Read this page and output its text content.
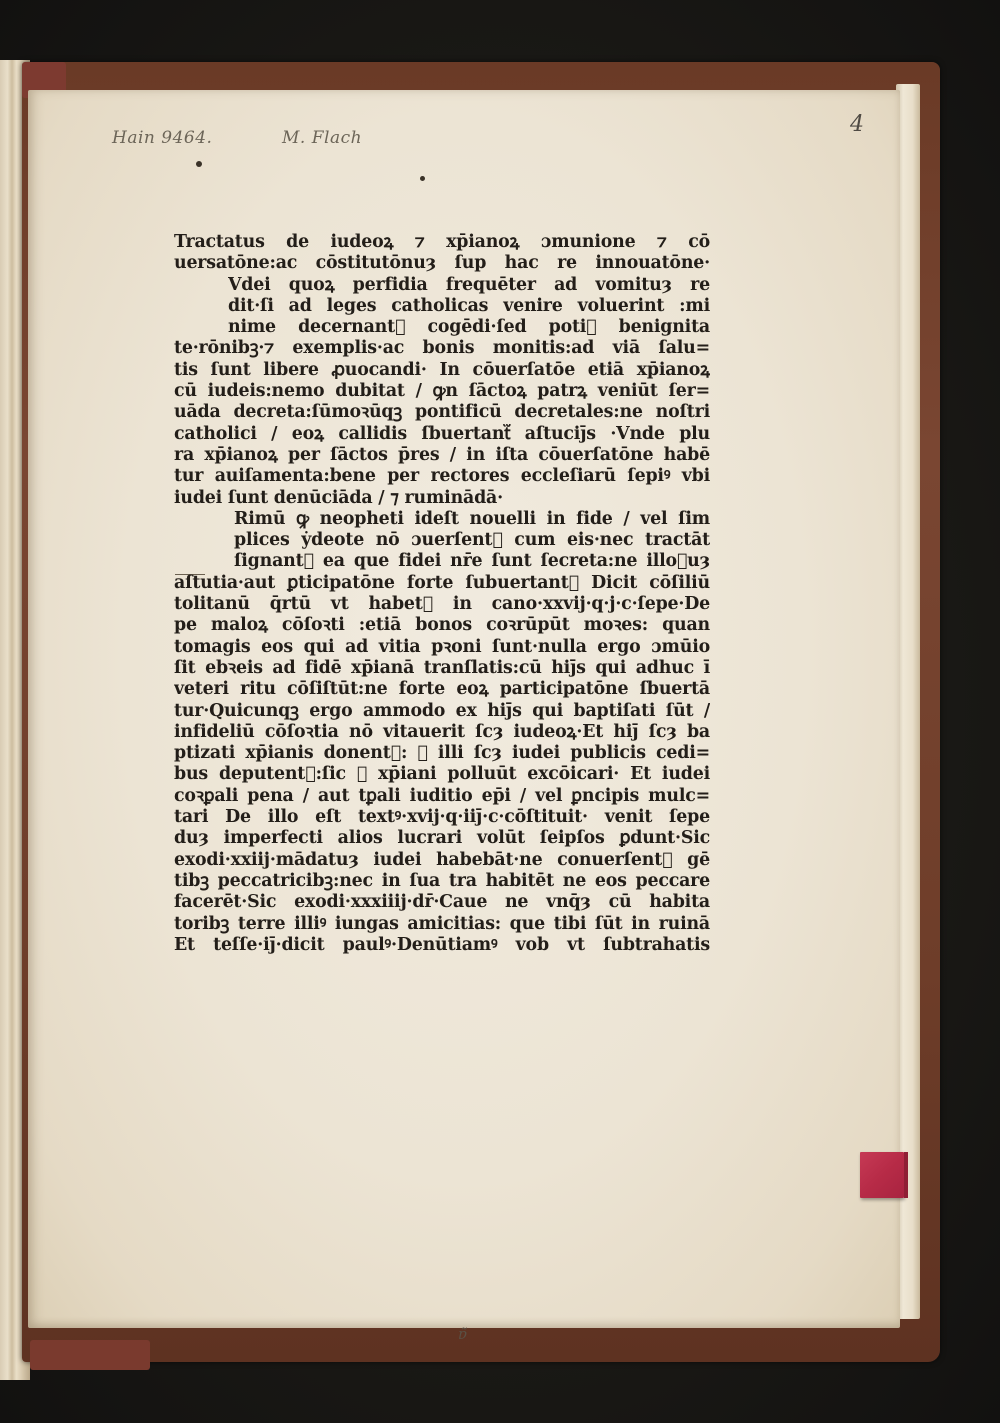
Hain 9464.	M. Flach
4
ɐ̃
Tractatus de iudeoꝝ ⁊ xp̄ianoꝝ ɔmunione ⁊ cō
uersatōne:ac cōstitutōnuȝ ſup hac re innouatōne·
Vdei quoꝝ perfidia frequēter ad vomituȝ re
dit·ſi ad leges catholicas venire voluerint :mi
nime decernant᷑ cogēdi·ſed potiꝰ benignita
te·rōnibꝫ·⁊ exemplis·ac bonis monitis:ad viā ſalu=
tis ſunt libere ꝓuocandi· In cōuerſatōe etiā xp̄ianoꝝ
cū iudeis:nemo dubitat / ꝙn ſāctoꝝ patrꝝ veniūt ſer=
uāda decreta:ſūmoꝛūqꝫ pontificū decretales:ne noſtri
catholici / eoꝝ callidis ſb̄uertant᷑ aſtuciȷ̄s ·Vnde plu
ra xp̄ianoꝝ per ſāctos p̄res / in iſta cōuerſatōne habē
tur auiſamenta:bene per rectores eccleſiarū ſepiꝰ vbi
iudei ſunt denūciāda / ⁊ ruminādā·
Rimū ꝙ neopheti ideſt nouelli in fide / vel ſim
plices ẏdeote nō ɔuerſent᷑ cum eis·nec tractāt
ſignant᷑ ea que fidei nr̄e ſunt ſecreta:ne illoꝛuȝ
aſtutia·aut ꝑticipatōne forte ſubuertant᷑ Dicit cōſiliū
tolitanū q̄rtū vt habet᷑ in cano·xxvij·q·j·c·ſepe·De
pe maloꝝ cōſoꝛti :etiā bonos coꝛrūpūt moꝛes: quan
tomagis eos qui ad vitia pꝛoni ſunt·nulla ergo ɔmūio
ſit ebꝛeis ad fidē xp̄ianā tranſlatis:cū hiȷ̄s qui adhuc ī
veteri ritu cōſiſtūt:ne forte eoꝝ participatōne ſb̄uertā
tur·Quicunqꝫ ergo ammodo ex hiȷ̄s qui baptiſati ſūt /
infideliū cōſoꝛtia nō vitauerit ſcȝ iudeoꝝ·Et hiȷ̄ ſcȝ ba
ptizati xp̄ianis donent᷑: ⁊ illi ſcȝ iudei publicis cedi=
bus deputent᷑:ſic ꝙ xp̄iani polluūt excōicari· Et iudei
coꝛꝑali pena / aut tꝑali iuditio ep̄i / vel ꝑncipis mulc=
tari De illo eſt textꝰ·xvij·q·iiȷ̄·c·cōſtituit· venit ſepe
duȝ imperfecti alios lucrari volūt ſeipſos ꝑdunt·Sic
exodi·xxiij·mādatuȝ iudei habebāt·ne conuerſent᷑ gē
tibꝫ peccatricibꝫ:nec in ſua t̄ra habitēt ne eos peccare
facerēt·Sic exodi·xxxiiij·dr̄·Caue ne vnq̄ȝ cū habita
toribꝫ terre illiꝰ iungas amicitias: que tibi ſūt in ruinā
Et teſſe·iȷ̄·dicit paulꝰ·Denūtiamꝰ vob̄ vt ſubtrahatis
